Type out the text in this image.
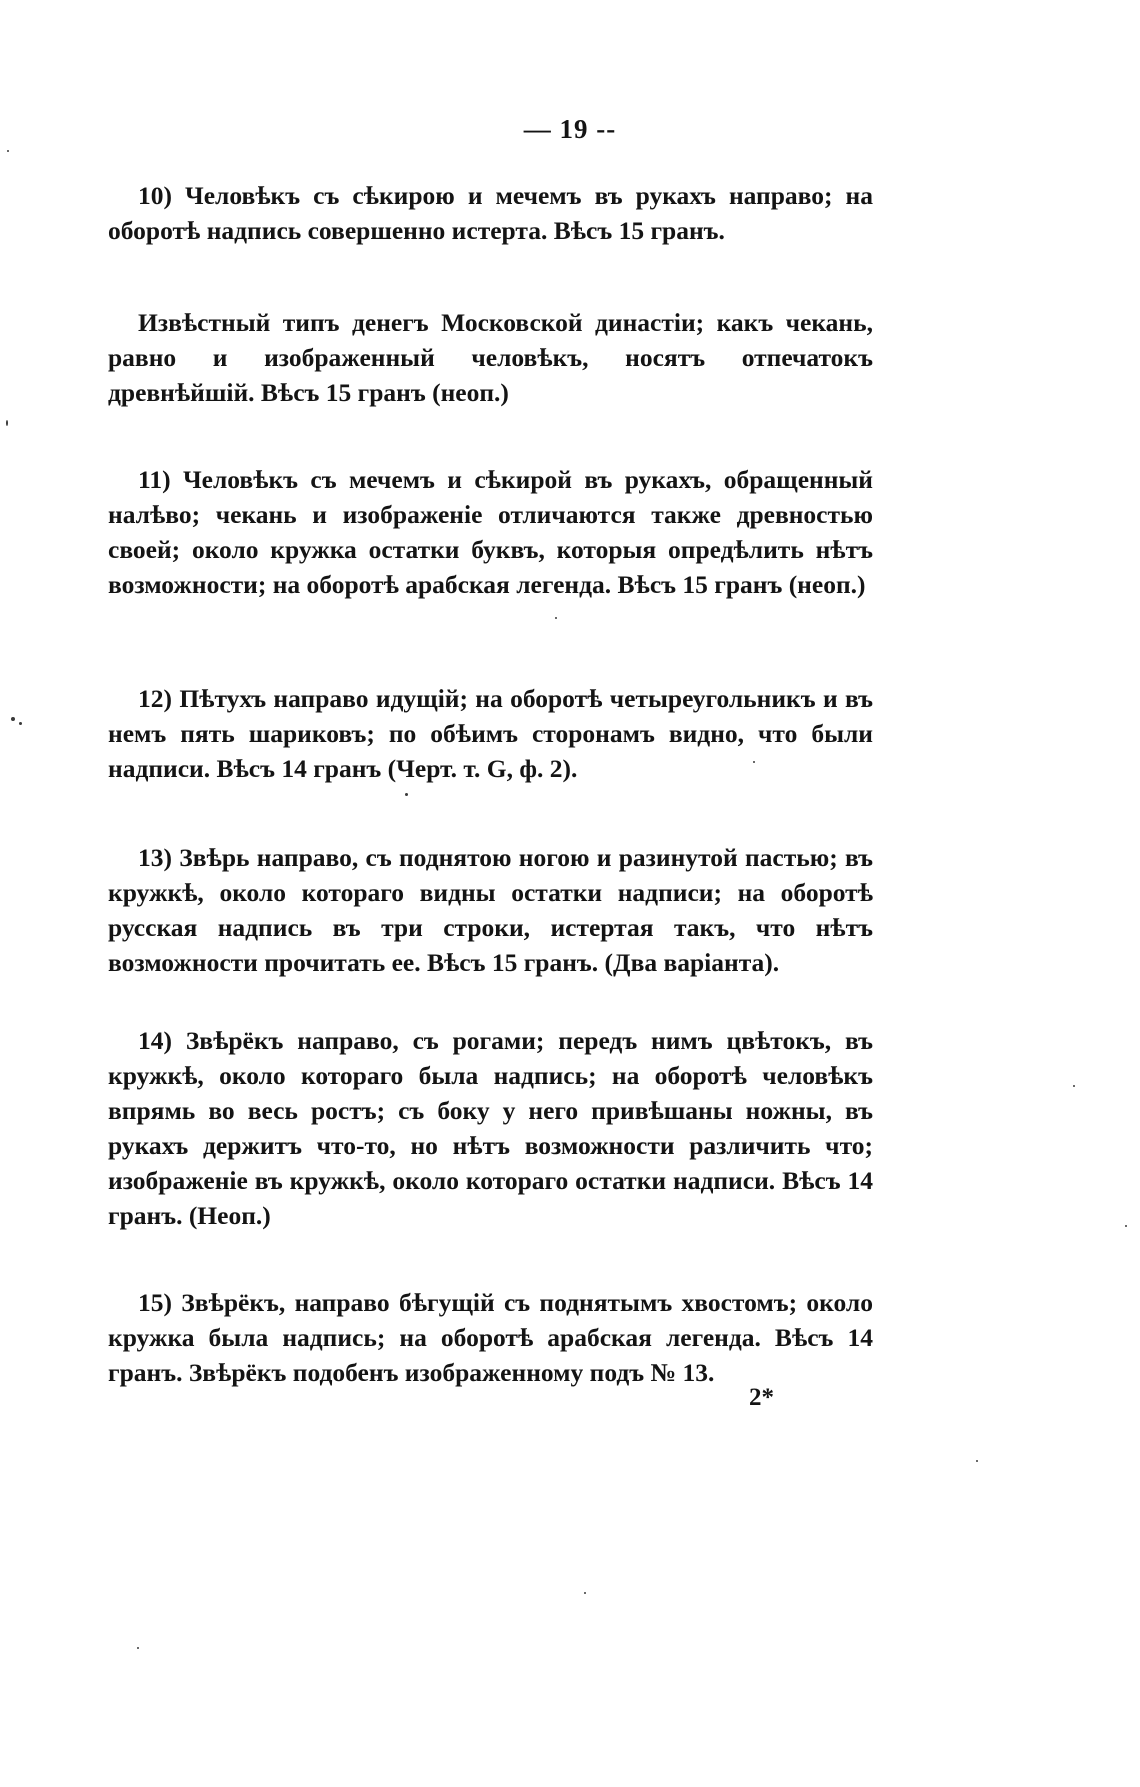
— 19 --

10) Человѣкъ съ сѣкирою и мечемъ въ рукахъ направо; на оборотѣ надпись совершенно истерта. Вѣсъ 15 гранъ.

Извѣстный типъ денегъ Московской династіи; какъ чекань, равно и изображенный человѣкъ, носятъ отпечатокъ древнѣйшій. Вѣсъ 15 гранъ (неоп.)

11) Человѣкъ съ мечемъ и сѣкирой въ рукахъ, обращенный налѣво; чекань и изображеніе отличаются также древностью своей; около кружка остатки буквъ, которыя опредѣлить нѣтъ возможности; на оборотѣ арабская легенда. Вѣсъ 15 гранъ (неоп.)

12) Пѣтухъ направо идущій; на оборотѣ четыреугольникъ и въ немъ пять шариковъ; по обѣимъ сторонамъ видно, что были надписи. Вѣсъ 14 гранъ (Черт. т. G, ф. 2).

13) Звѣрь направо, съ поднятою ногою и разинутой пастью; въ кружкѣ, около котораго видны остатки надписи; на оборотѣ русская надпись въ три строки, истертая такъ, что нѣтъ возможности прочитать ее. Вѣсъ 15 гранъ. (Два варіанта).

14) Звѣрёкъ направо, съ рогами; передъ нимъ цвѣтокъ, въ кружкѣ, около котораго была надпись; на оборотѣ человѣкъ впрямь во весь ростъ; съ боку у него привѣшаны ножны, въ рукахъ держитъ что-то, но нѣтъ возможности различить что; изображеніе въ кружкѣ, около котораго остатки надписи. Вѣсъ 14 гранъ. (Неоп.)

15) Звѣрёкъ, направо бѣгущій съ поднятымъ хвостомъ; около кружка была надпись; на оборотѣ арабская легенда. Вѣсъ 14 гранъ. Звѣрёкъ подобенъ изображенному подъ № 13.

2*
